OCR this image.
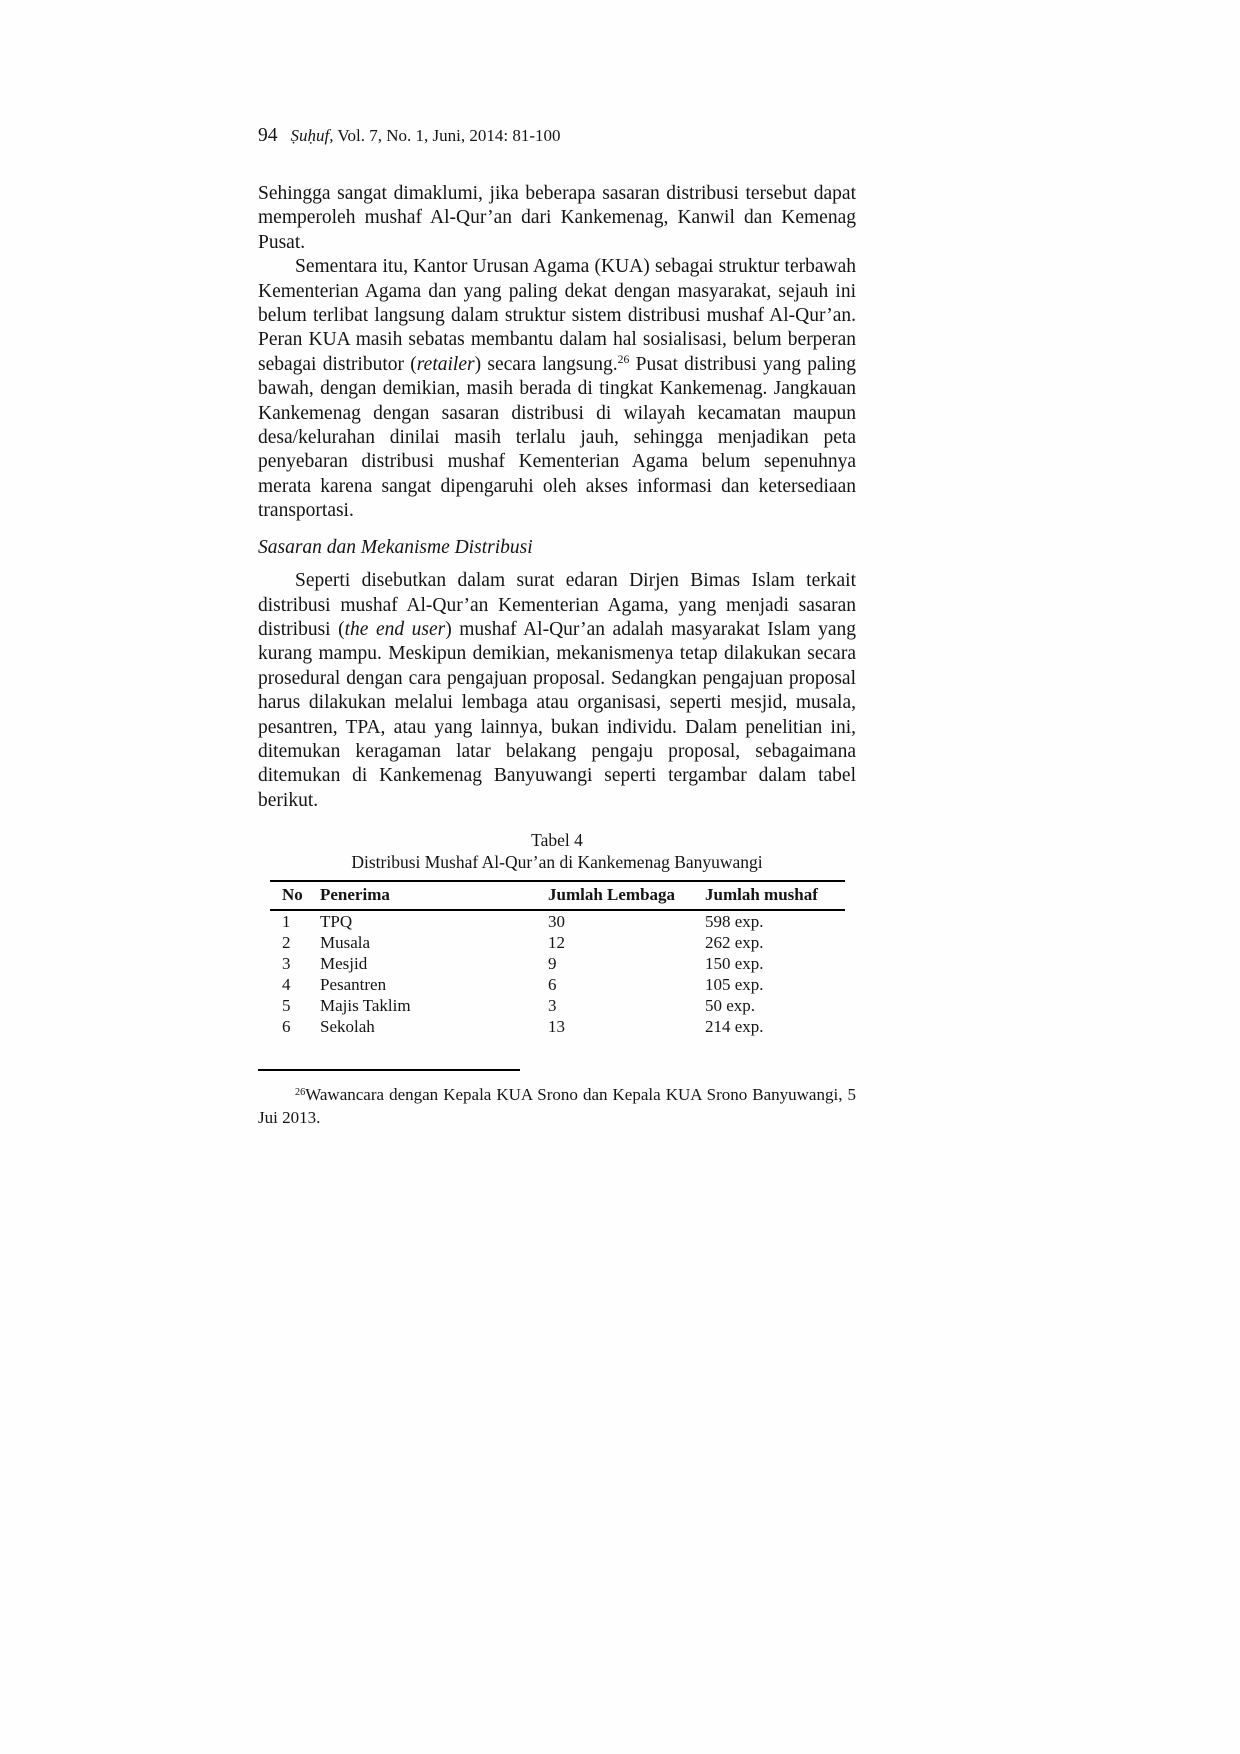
94 Ṣuḥuf, Vol. 7, No. 1, Juni, 2014: 81-100

Sehingga sangat dimaklumi, jika beberapa sasaran distribusi tersebut dapat memperoleh mushaf Al-Qur’an dari Kankemenag, Kanwil dan Kemenag Pusat.

Sementara itu, Kantor Urusan Agama (KUA) sebagai struktur terbawah Kementerian Agama dan yang paling dekat dengan masyarakat, sejauh ini belum terlibat langsung dalam struktur sistem distribusi mushaf Al-Qur’an. Peran KUA masih sebatas membantu dalam hal sosialisasi, belum berperan sebagai distributor (retailer) secara langsung.$^{26}$ Pusat distribusi yang paling bawah, dengan demikian, masih berada di tingkat Kankemenag. Jangkauan Kankemenag dengan sasaran distribusi di wilayah kecamatan maupun desa/kelurahan dinilai masih terlalu jauh, sehingga menjadikan peta penyebaran distribusi mushaf Kementerian Agama belum sepenuhnya merata karena sangat dipengaruhi oleh akses informasi dan ketersediaan transportasi.

Sasaran dan Mekanisme Distribusi

Seperti disebutkan dalam surat edaran Dirjen Bimas Islam terkait distribusi mushaf Al-Qur’an Kementerian Agama, yang menjadi sasaran distribusi (the end user) mushaf Al-Qur’an adalah masyarakat Islam yang kurang mampu. Meskipun demikian, mekanismenya tetap dilakukan secara prosedural dengan cara pengajuan proposal. Sedangkan pengajuan proposal harus dilakukan melalui lembaga atau organisasi, seperti mesjid, musala, pesantren, TPA, atau yang lainnya, bukan individu. Dalam penelitian ini, ditemukan keragaman latar belakang pengaju proposal, sebagaimana ditemukan di Kankemenag Banyuwangi seperti tergambar dalam tabel berikut.

Tabel 4
Distribusi Mushaf Al-Qur’an di Kankemenag Banyuwangi
No	Penerima	Jumlah Lembaga	Jumlah mushaf
1	TPQ	30	598 exp.
2	Musala	12	262 exp.
3	Mesjid	9	150 exp.
4	Pesantren	6	105 exp.
5	Majis Taklim	3	50 exp.
6	Sekolah	13	214 exp.

$^{26}$Wawancara dengan Kepala KUA Srono dan Kepala KUA Srono Banyuwangi, 5 Jui 2013.
